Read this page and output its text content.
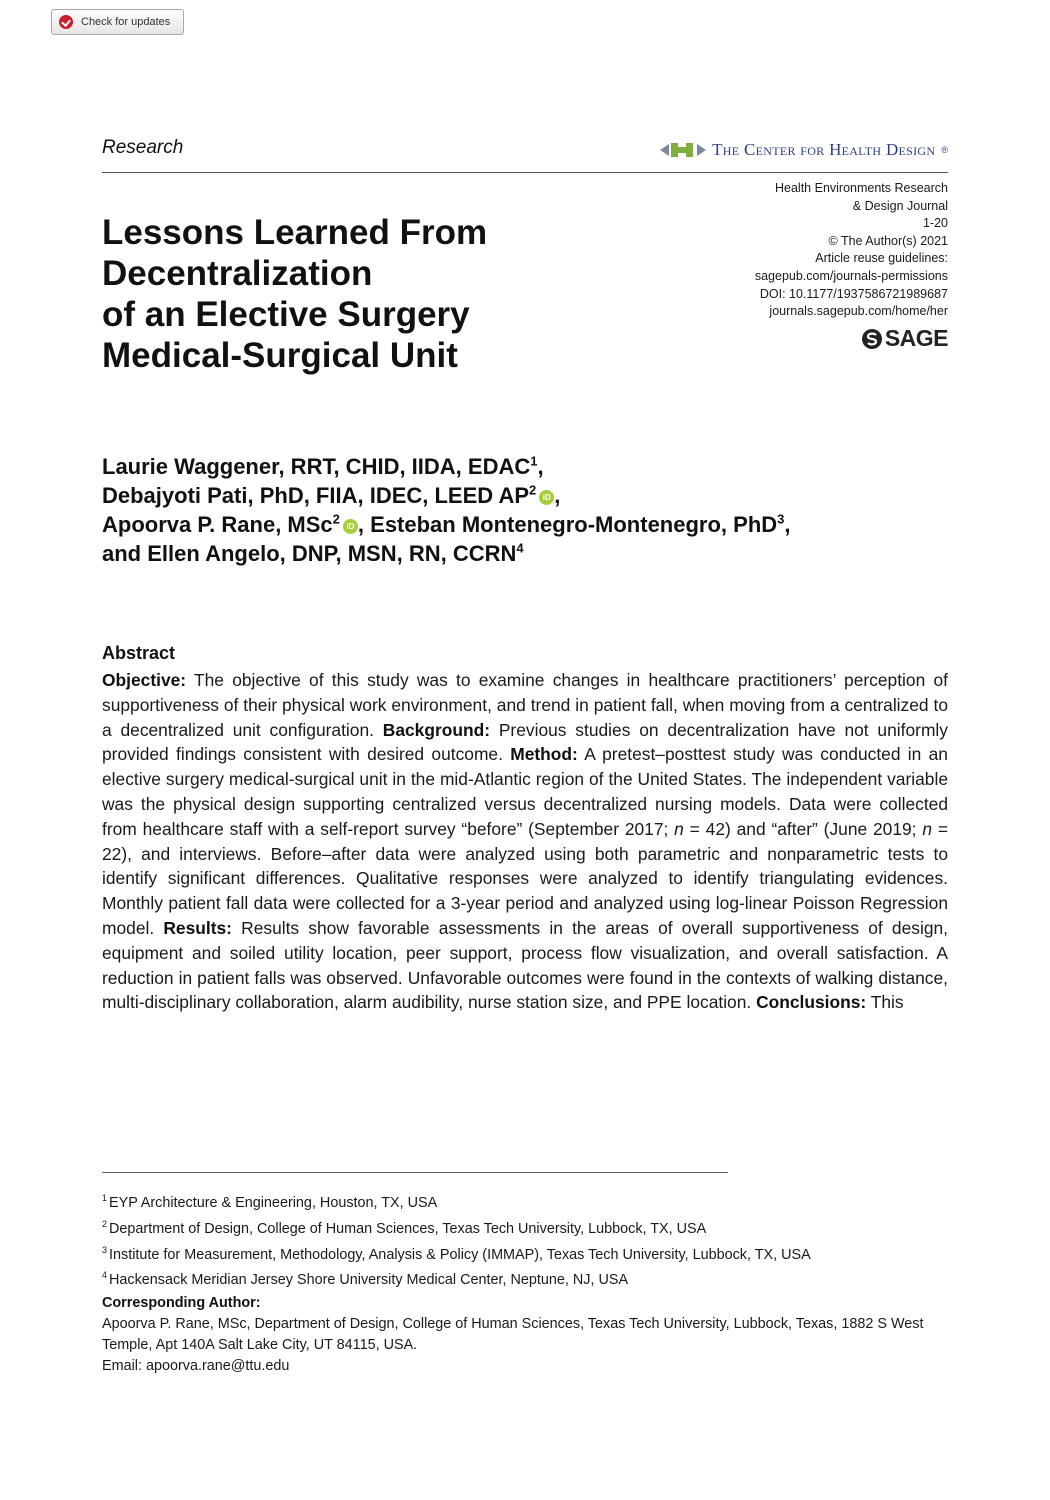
Check for updates
Research	The Center for Health Design ®
Lessons Learned From
Decentralization
of an Elective Surgery
Medical-Surgical Unit
Health Environments Research
& Design Journal
1-20
© The Author(s) 2021
Article reuse guidelines:
sagepub.com/journals-permissions
DOI: 10.1177/1937586721989687
journals.sagepub.com/home/her
SAGE
Laurie Waggener, RRT, CHID, IIDA, EDAC$^1$,
Debajyoti Pati, PhD, FIIA, IDEC, LEED $AP^2$ iD ,
Apoorva P. Rane, MSc$^2$ iD , Esteban Montenegro-Montenegro, PhD$^3$,
and Ellen Angelo, DNP, MSN, RN, CCRN$^4$
Abstract

Objective: The objective of this study was to examine changes in healthcare practitioners’ perception of supportiveness of their physical work environment, and trend in patient fall, when moving from a centralized to a decentralized unit configuration. Background: Previous studies on decentralization have not uniformly provided findings consistent with desired outcome. Method: A pretest–posttest study was conducted in an elective surgery medical-surgical unit in the mid-Atlantic region of the United States. The independent variable was the physical design supporting centralized versus decentralized nursing models. Data were collected from healthcare staff with a self-report survey “before” (September 2017; n = 42) and “after” (June 2019; n = 22), and interviews. Before–after data were analyzed using both parametric and nonparametric tests to identify significant differences. Qualitative responses were analyzed to identify triangulating evidences. Monthly patient fall data were collected for a 3-year period and analyzed using log-linear Poisson Regression model. Results: Results show favorable assessments in the areas of overall supportiveness of design, equipment and soiled utility location, peer support, process flow visualization, and overall satisfaction. A reduction in patient falls was observed. Unfavorable outcomes were found in the contexts of walking distance, multi-disciplinary collaboration, alarm audibility, nurse station size, and PPE location. Conclusions: This

$^1$ EYP Architecture & Engineering, Houston, TX, USA
$^2$ Department of Design, College of Human Sciences, Texas Tech University, Lubbock, TX, USA
$^3$ Institute for Measurement, Methodology, Analysis & Policy (IMMAP), Texas Tech University, Lubbock, TX, USA
$^4$ Hackensack Meridian Jersey Shore University Medical Center, Neptune, NJ, USA
Corresponding Author:
Apoorva P. Rane, MSc, Department of Design, College of Human Sciences, Texas Tech University, Lubbock, Texas, 1882 S West Temple, Apt 140A Salt Lake City, UT 84115, USA.
Email: apoorva.rane@ttu.edu
